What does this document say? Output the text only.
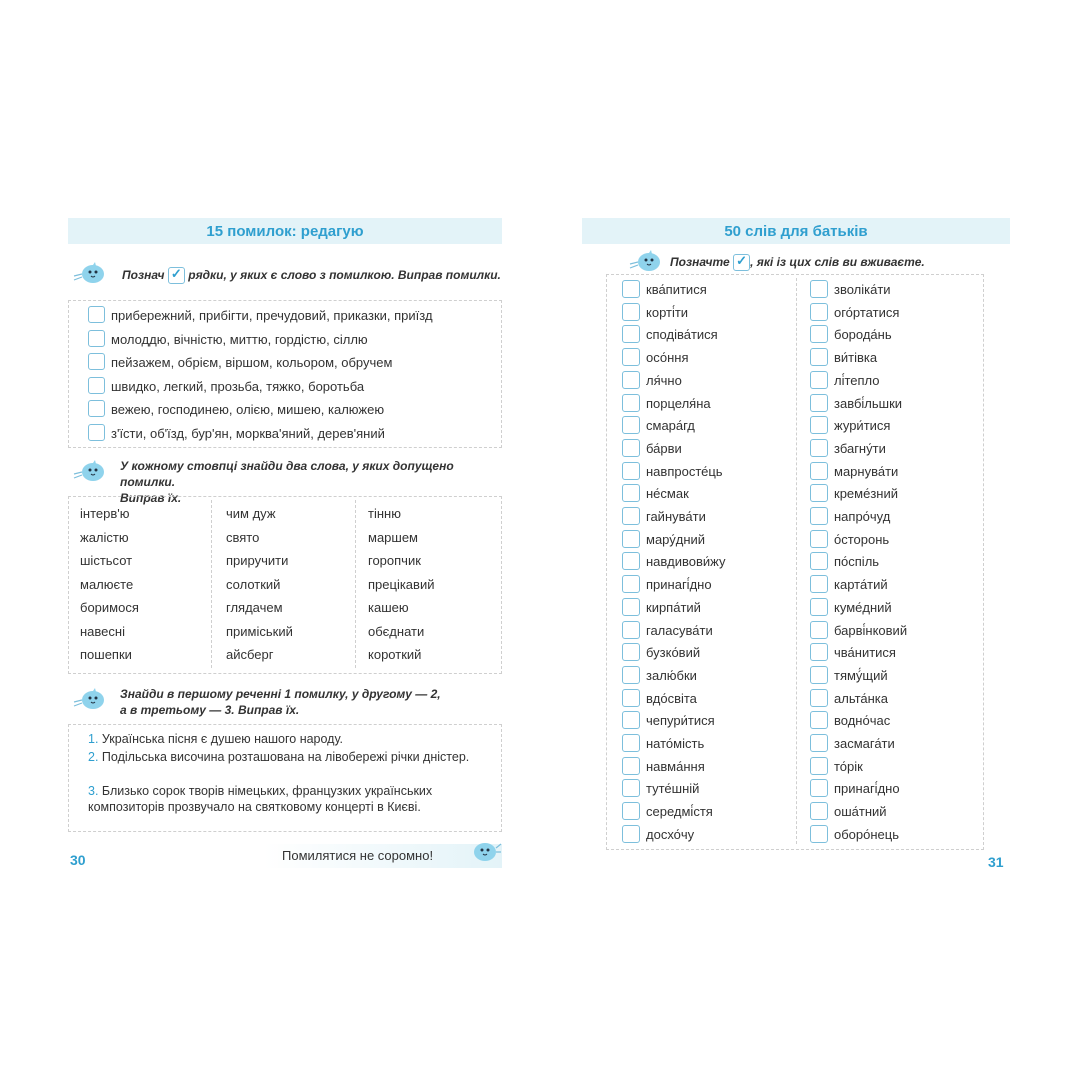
15 помилок: редагую
Познач ✓ рядки, у яких є слово з помилкою. Виправ помилки.
прибережний, прибігти, пречудовий, приказки, приїзд
молоддю, вічністю, миттю, гордістю, сіллю
пейзажем, обрієм, віршом, кольором, обручем
швидко, легкий, прозьба, тяжко, боротьба
вежею, господинею, олією, мишею, калюжею
з'їсти, об'їзд, бур'ян, морква'яний, дерев'яний
У кожному стовпці знайди два слова, у яких допущено помилки.
Виправ їх.
інтерв'ю
жалістю
шістьсот
малюєте
боримося
навесні
пошепки
чим дуж
свято
приручити
солоткий
глядачем
приміський
айсберг
тінню
маршем
горопчик
прецікавий
кашею
обєднати
короткий
Знайди в першому реченні 1 помилку, у другому — 2,
а в третьому — 3. Виправ їх.
1. Українська пісня є душею нашого народу.
2. Подільська височина розташована на лівобережі річки дністер.
3. Близько сорок творів німецьких, французких українських композиторів прозвучало на святковому концерті в Києві.
30	Помилятися не соромно!
50 слів для батьків
Позначте ✓ , які із цих слів ви вживаєте.
ква́питися
корті́ти
сподіва́тися
осо́ння
ля́чно
порцеля́на
смара́гд
ба́рви
навпросте́ць
не́смак
гайнува́ти
мару́дний
навдивови́жу
принагі́дно
кирпа́тий
галасува́ти
бузко́вий
залю́бки
вдо́світа
чепури́тися
нато́мість
навма́ння
туте́шній
середмі́стя
досхо́чу
зволіка́ти
ого́ртатися
борода́нь
ви́тівка
лі́тепло
завбі́льшки
жури́тися
збагну́ти
марнува́ти
креме́зний
напро́чуд
о́сторонь
по́спіль
карта́тий
куме́дний
барві́нковий
чва́нитися
тямý́щий
альта́нка
водно́час
засмага́ти
то́рік
принагі́дно
оша́тний
оборо́нець
31
